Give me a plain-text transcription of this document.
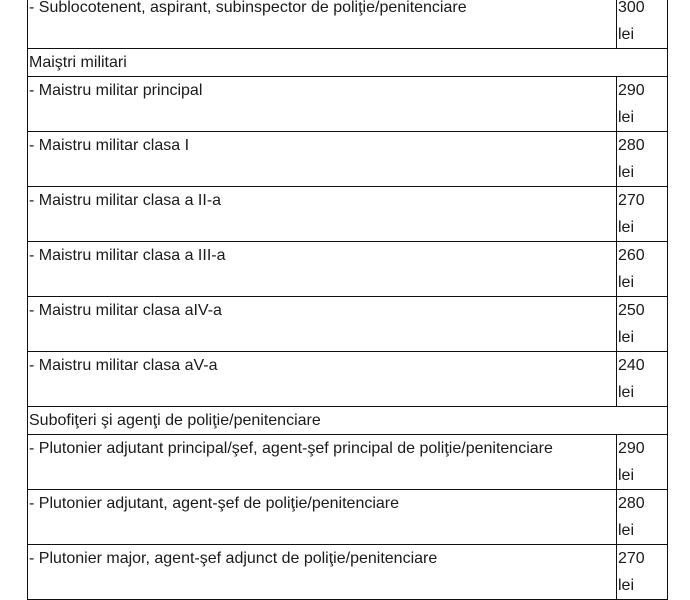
- Sublocotenent, aspirant, subinspector de poliţie/penitenciare	300
lei

Maiştri militari	
- Maistru militar principal	290
lei

- Maistru militar clasa I	280
lei

- Maistru militar clasa a II-a	270
lei

- Maistru militar clasa a III-a	260
lei

- Maistru militar clasa aIV-a	250
lei

- Maistru militar clasa aV-a	240
lei

Subofiţeri şi agenţi de poliţie/penitenciare	
- Plutonier adjutant principal/şef, agent-şef principal de poliţie/penitenciare	290
lei

- Plutonier adjutant, agent-şef de poliţie/penitenciare	280
lei

- Plutonier major, agent-şef adjunct de poliţie/penitenciare	270
lei
